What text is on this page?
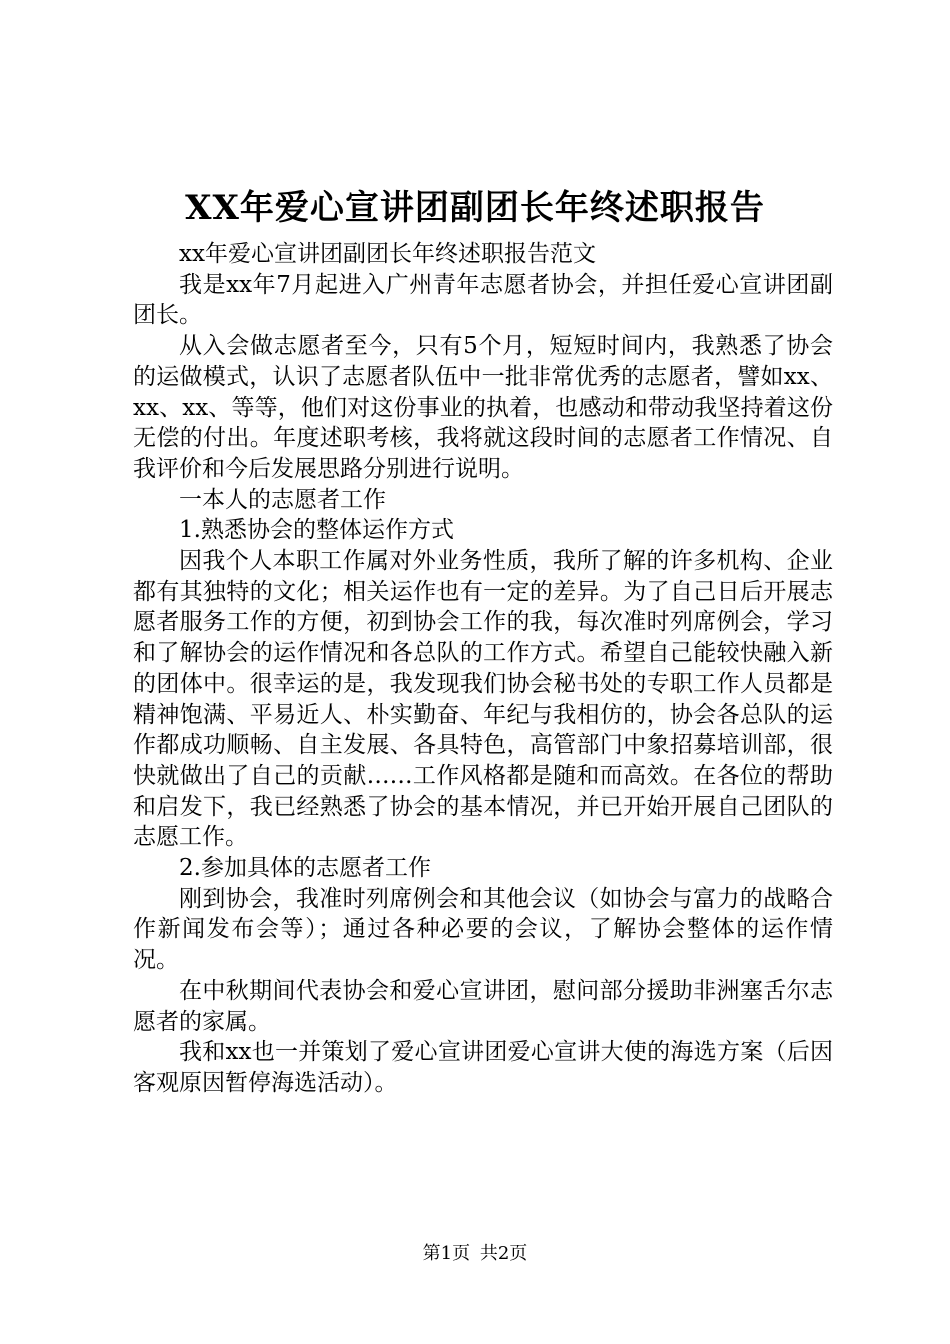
XX年爱心宣讲团副团长年终述职报告

xx年爱心宣讲团副团长年终述职报告范文

我是xx年7月起进入广州青年志愿者协会，并担任爱心宣讲团副团长。

从入会做志愿者至今，只有5个月，短短时间内，我熟悉了协会的运做模式，认识了志愿者队伍中一批非常优秀的志愿者，譬如xx、xx、xx、等等，他们对这份事业的执着，也感动和带动我坚持着这份无偿的付出。年度述职考核，我将就这段时间的志愿者工作情况、自我评价和今后发展思路分别进行说明。

一本人的志愿者工作

1.熟悉协会的整体运作方式

因我个人本职工作属对外业务性质，我所了解的许多机构、企业都有其独特的文化；相关运作也有一定的差异。为了自己日后开展志愿者服务工作的方便，初到协会工作的我，每次准时列席例会，学习和了解协会的运作情况和各总队的工作方式。希望自己能较快融入新的团体中。很幸运的是，我发现我们协会秘书处的专职工作人员都是精神饱满、平易近人、朴实勤奋、年纪与我相仿的，协会各总队的运作都成功顺畅、自主发展、各具特色，高管部门中象招募培训部，很快就做出了自己的贡献……工作风格都是随和而高效。在各位的帮助和启发下，我已经熟悉了协会的基本情况，并已开始开展自己团队的志愿工作。

2.参加具体的志愿者工作

刚到协会，我准时列席例会和其他会议（如协会与富力的战略合作新闻发布会等）；通过各种必要的会议，了解协会整体的运作情况。

在中秋期间代表协会和爱心宣讲团，慰问部分援助非洲塞舌尔志愿者的家属。

我和xx也一并策划了爱心宣讲团爱心宣讲大使的海选方案（后因客观原因暂停海选活动）。

第1页 共2页
